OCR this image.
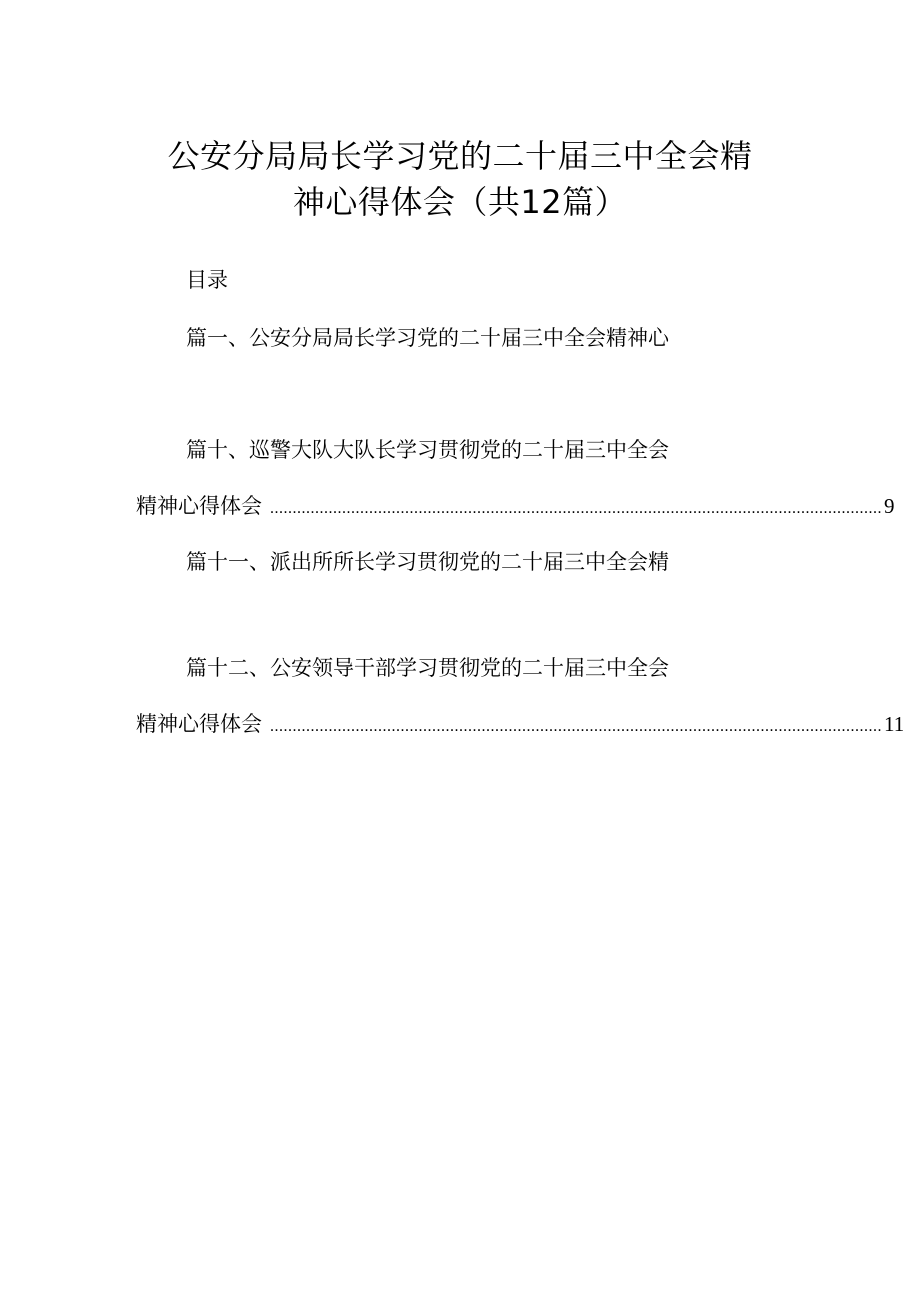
公安分局局长学习党的二十届三中全会精
神心得体会（共12篇）
目录
篇一、公安分局局长学习党的二十届三中全会精神心
篇十、巡警大队大队长学习贯彻党的二十届三中全会
精神心得体会 ........................................................................................................................................ 9
篇十一、派出所所长学习贯彻党的二十届三中全会精
篇十二、公安领导干部学习贯彻党的二十届三中全会
精神心得体会 ........................................................................................................................................ 11
